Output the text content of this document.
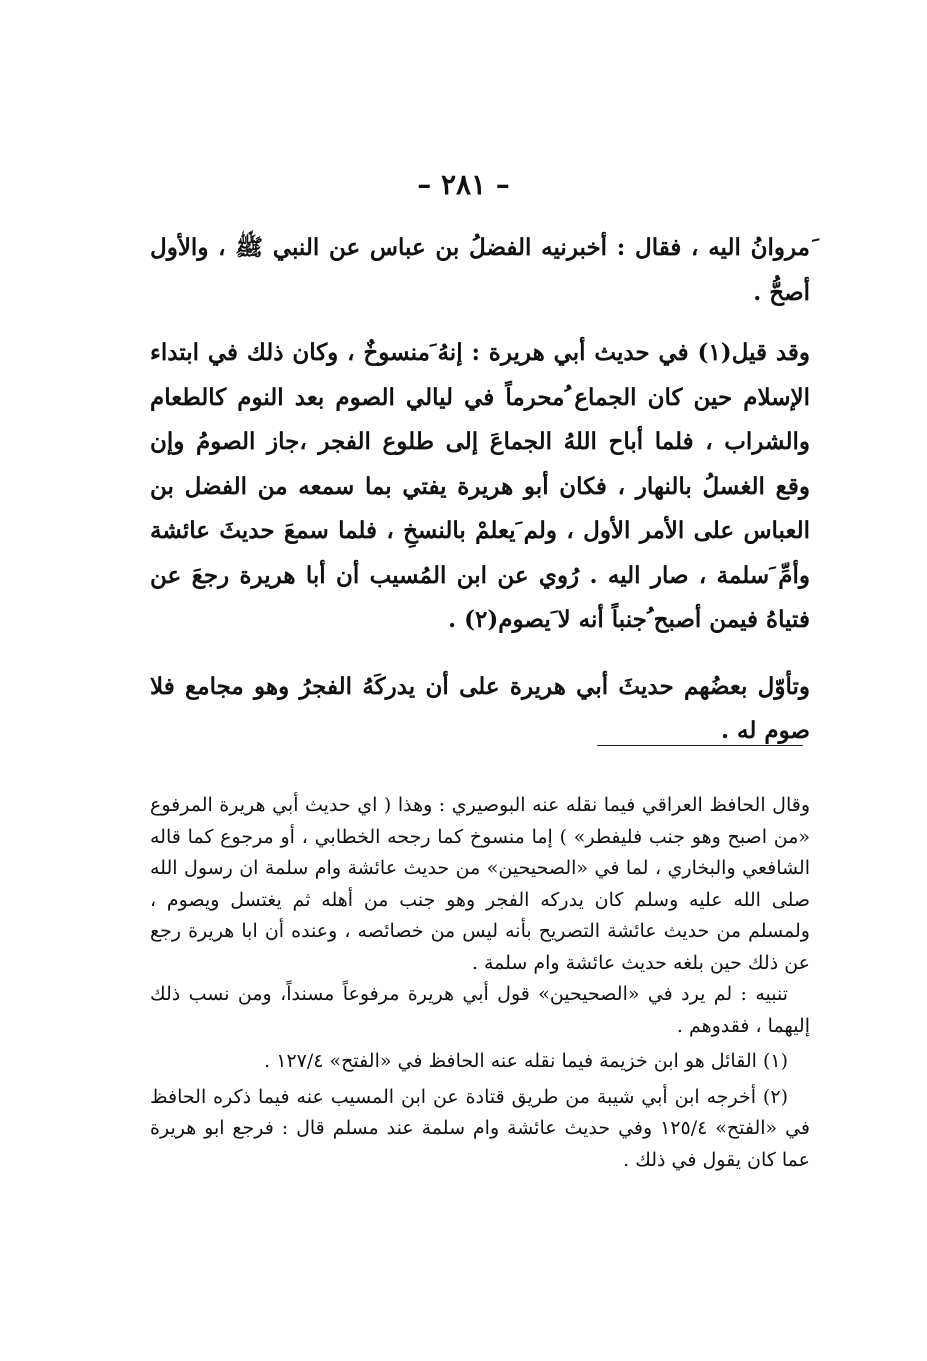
– ٢٨١ –

َمروانُ اليه ، فقال : أخبرنيه الفضلُ بن عباس عن النبي ﷺ ، والأول أصحُّ .

وقد قيل(١) في حديث أبي هريرة : إنهُ َمنسوخٌ ، وكان ذلك في ابتداء الإسلام حين كان الجماع ُمحرماً في ليالي الصوم بعد النوم كالطعام والشراب ، فلما أباح اللهُ الجماعَ إلى طلوع الفجر ،جاز الصومُ وإن وقع الغسلُ بالنهار ، فكان أبو هريرة يفتي بما سمعه من الفضل بن العباس على الأمر الأول ، ولم َيعلمْ بالنسخِ ، فلما سمعَ حديثَ عائشة وأمِّ َسلمة ، صار اليه . رُوي عن ابن المُسيب أن أبا هريرة رجعَ عن فتياهُ فيمن أصبح ُجنباً أنه لا َيصوم(٢) .

وتأوّل بعضُهم حديثَ أبي هريرة على أن يدركَهُ الفجرُ وهو مجامع فلا صوم له .

وقال الحافظ العراقي فيما نقله عنه البوصيري : وهذا ( اي حديث أبي هريرة المرفوع «من اصبح وهو جنب فليفطر» ) إما منسوخ كما رجحه الخطابي ، أو مرجوع كما قاله الشافعي والبخاري ، لما في «الصحيحين» من حديث عائشة وام سلمة ان رسول الله صلى الله عليه وسلم كان يدركه الفجر وهو جنب من أهله ثم يغتسل ويصوم ، ولمسلم من حديث عائشة التصريح بأنه ليس من خصائصه ، وعنده أن ابا هريرة رجع عن ذلك حين بلغه حديث عائشة وام سلمة .

تنبيه : لم يرد في «الصحيحين» قول أبي هريرة مرفوعاً مسنداً، ومن نسب ذلك إليهما ، فقدوهم .

(١) القائل هو ابن خزيمة فيما نقله عنه الحافظ في «الفتح» ١٢٧/٤ .

(٢) أخرجه ابن أبي شيبة من طريق قتادة عن ابن المسيب عنه فيما ذكره الحافظ في «الفتح» ١٢٥/٤ وفي حديث عائشة وام سلمة عند مسلم قال : فرجع ابو هريرة عما كان يقول في ذلك .
